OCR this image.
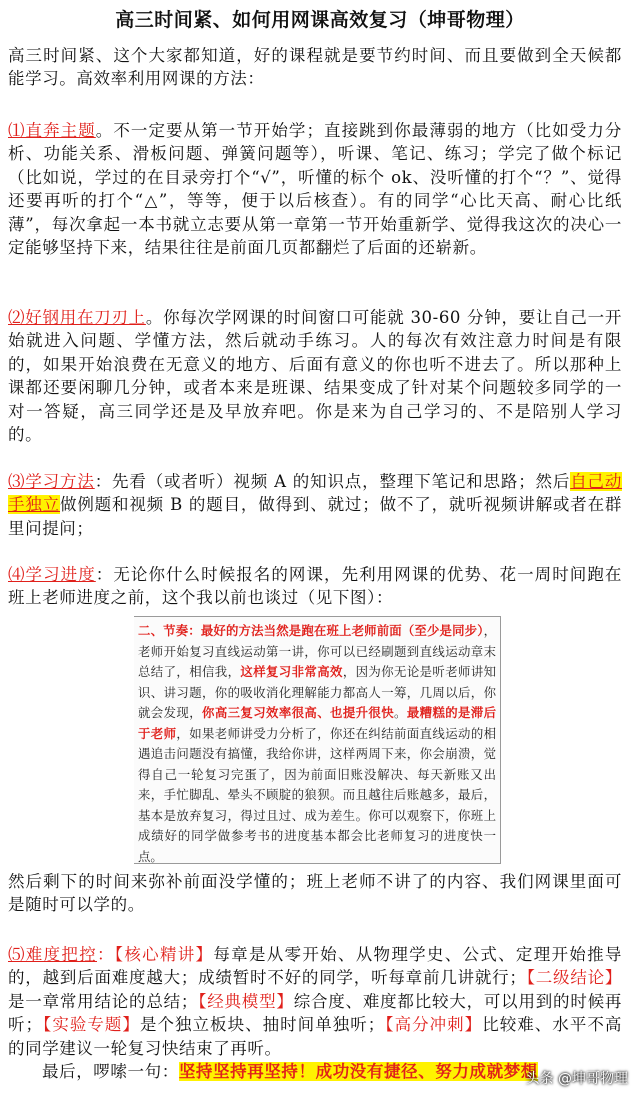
高三时间紧、如何用网课高效复习（坤哥物理）
高三时间紧、这个大家都知道，好的课程就是要节约时间、而且要做到全天候都能学习。高效率利用网课的方法：
⑴直奔主题。不一定要从第一节开始学；直接跳到你最薄弱的地方（比如受力分析、功能关系、滑板问题、弹簧问题等），听课、笔记、练习；学完了做个标记（比如说，学过的在目录旁打个“√”，听懂的标个 ok、没听懂的打个“？”、觉得还要再听的打个“△”，等等，便于以后核查）。有的同学“心比天高、耐心比纸薄”，每次拿起一本书就立志要从第一章第一节开始重新学、觉得我这次的决心一定能够坚持下来，结果往往是前面几页都翻烂了后面的还崭新。
⑵好钢用在刀刃上。你每次学网课的时间窗口可能就 30-60 分钟，要让自己一开始就进入问题、学懂方法，然后就动手练习。人的每次有效注意力时间是有限的，如果开始浪费在无意义的地方、后面有意义的你也听不进去了。所以那种上课都还要闲聊几分钟，或者本来是班课、结果变成了针对某个问题较多同学的一对一答疑，高三同学还是及早放弃吧。你是来为自己学习的、不是陪别人学习的。
⑶学习方法：先看（或者听）视频 A 的知识点，整理下笔记和思路；然后自己动手独立做例题和视频 B 的题目，做得到、就过；做不了，就听视频讲解或者在群里问提问；
⑷学习进度：无论你什么时候报名的网课，先利用网课的优势、花一周时间跑在班上老师进度之前，这个我以前也谈过（见下图）：
二、节奏：最好的方法当然是跑在班上老师前面（至少是同步），老师开始复习直线运动第一讲，你可以已经刷题到直线运动章末总结了，相信我，这样复习非常高效，因为你无论是听老师讲知识、讲习题，你的吸收消化理解能力都高人一筹，几周以后，你就会发现，你高三复习效率很高、也提升很快。最糟糕的是滞后于老师，如果老师讲受力分析了，你还在纠结前面直线运动的相遇追击问题没有搞懂，我给你讲，这样两周下来，你会崩溃，觉得自己一轮复习完蛋了，因为前面旧账没解决、每天新账又出来，手忙脚乱、晕头不顾腚的狼狈。而且越往后账越多，最后，基本是放弃复习，得过且过、成为差生。你可以观察下，你班上成绩好的同学做参考书的进度基本都会比老师复习的进度快一点。
然后剩下的时间来弥补前面没学懂的；班上老师不讲了的内容、我们网课里面可是随时可以学的。
⑸难度把控：【核心精讲】每章是从零开始、从物理学史、公式、定理开始推导的，越到后面难度越大；成绩暂时不好的同学，听每章前几讲就行；【二级结论】是一章常用结论的总结；【经典模型】综合度、难度都比较大，可以用到的时候再听；【实验专题】是个独立板块、抽时间单独听；【高分冲刺】比较难、水平不高的同学建议一轮复习快结束了再听。
最后，啰嗦一句：坚持坚持再坚持！成功没有捷径、努力成就梦想
头条 @坤哥物理
